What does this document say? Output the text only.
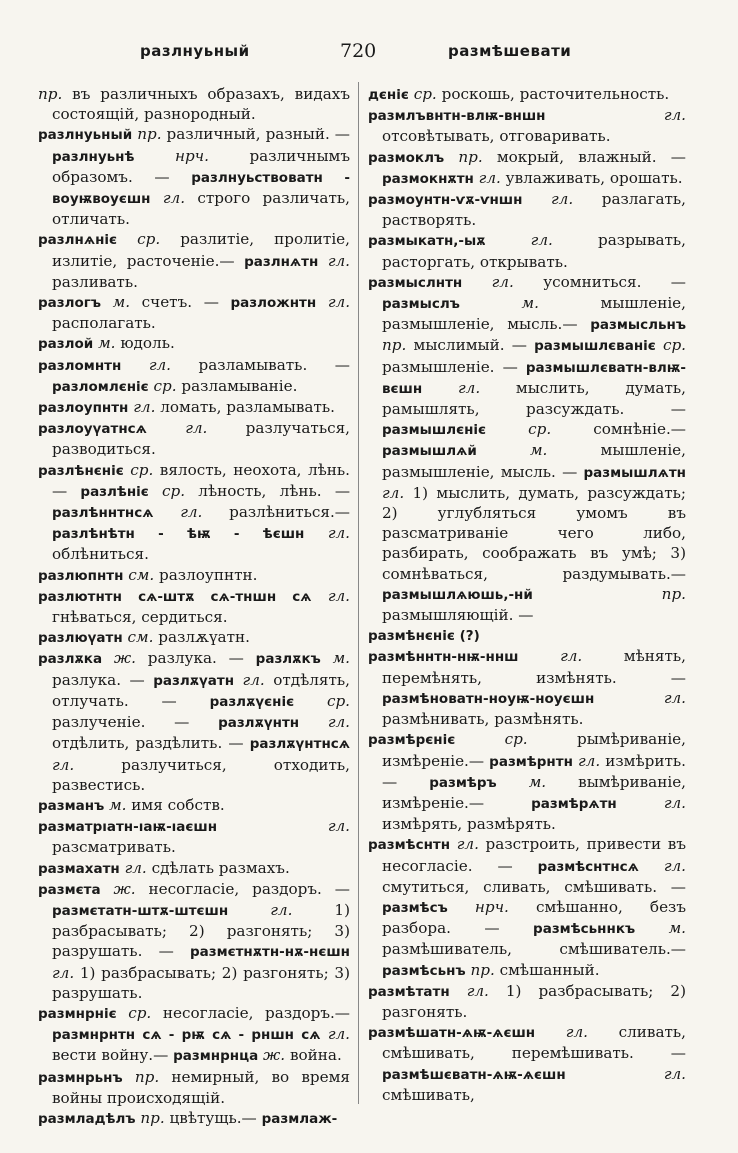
разлнуьный	720	размѣшевати

пр. въ различныхъ образахъ, видахъ состоящій, разнородный.

разлнуьный пр. различный, разный. — разлнуьнѣ	нрч. различнымъ образомъ. — разлнуьствоватн - воуѭвоуєшн гл. строго различать, отличать.

разлнѧніє ср. разлитіе, пролитіе, излитіе, расточеніе.— разлнѧтн гл. разливать.

разлогъ м. счетъ. — разложнтн гл. располагать.

разлой м. юдоль.

разломнтн гл. разламывать. — разломлєніє ср. разламываніе.

разлоупнтн гл. ломать, разламывать.

разлоуүатнсѧ	гл. разлучаться, разводиться.

разлѣнєніє ср. вялость, неохота, лѣнь.— разлѣніє ср. лѣность, лѣнь. — разлѣннтнсѧ гл. разлѣниться.— разлѣнѣтн - ѣѭ - ѣєшн гл. облѣниться.

разлюпнтн см. разлоупнтн.

разлютнтн сѧ-штѫ сѧ-тншн сѧ гл. гнѣваться, сердиться.

разлюүатн см. разлѫүатн.

разлѫка ж. разлука. — разлѫкъ м. разлука. — разлѫүатн гл. отдѣлять, отлучать. — разлѫүєніє ср. разлученіе. — разлѫүнтн гл. отдѣлить, раздѣлить. — разлѫүнтнсѧ гл. разлучиться, отходить, развестись.

разманъ м. имя собств.

разматрıатн-ıаѭ-ıаєшн	гл. разсматривать.

размахатн гл. сдѣлать размахъ.

размєта ж. несогласіе, раздоръ. — размєтатн-штѫ-штєшн	гл. 1) разбрасывать; 2) разгонять; 3) разрушать. — размєтнѫтн-нѫ-нєшн гл. 1) разбрасывать; 2) разгонять; 3) разрушать.

размнрніє ср. несогласіе, раздоръ.— размнрнтн сѧ - рѭ сѧ - рншн сѧ гл. вести войну.— размнрнца ж. война.

размнрьнъ пр. немирный, во время войны происходящій.

размладѣлъ пр. цвѣтущь.— размлаж-

дєніє ср. роскошь, расточительность.

размлъвнтн-влѭ-вншн	гл. отсовѣтывать, отговаривать.

размоклъ пр. мокрый, влажный. — размокнѫтн гл. увлаживать, орошать.

размоунтн-ѵѫ-ѵншн гл. разлагать, растворять.

размыкатн,-ыѫ	гл. разрывать, расторгать, открывать.

размыслнтн гл. усомниться. — размыслъ	м. мышленіе, размышленіе, мысль.— размысльнъ пр. мыслимый. — размышлєваніє ср. размышленіе. — размышлєватн-влѭ-вєшн гл. мыслить, думать, рамышлять, разсуждать. — размышлєніє	ср. сомнѣніе.— размышлѧй	м. мышленіе, размышленіе, мысль. — размышлѧтн гл. 1) мыслить, думать, разсуждать; 2) углубляться умомъ въ разсматриваніе чего либо, разбирать, соображать въ умѣ; 3) сомнѣваться, раздумывать.— размышлѧюшь,-нй	пр. размышляющій. —

размѣнєніє (?)

размѣннтн-нѭ-ннш	гл. мѣнять, перемѣнять, измѣнять. — размѣноватн-ноуѭ-ноуєшн	гл. размѣнивать, размѣнять.

размѣрєніє	ср. рымѣриваніе, измѣреніе.— размѣрнтн гл. измѣрить. — размѣръ м. вымѣриваніе, измѣреніе.—	размѣрѧтн	гл. измѣрять, размѣрять.

размѣснтн гл. разстроить, привести въ несогласіе. — размѣснтнсѧ гл. смутиться, сливать, смѣшивать. — размѣсъ нрч. смѣшанно, безъ разбора. — размѣсьннкъ м. размѣшиватель, смѣшиватель.— размѣсьнъ пр. смѣшанный.

размѣтатн гл. 1) разбрасывать; 2) разгонять.

размѣшатн-ѧѭ-ѧєшн гл. сливать, смѣшивать, перемѣшивать. — размѣшєватн-ѧѭ-ѧєшн	гл. смѣшивать,
